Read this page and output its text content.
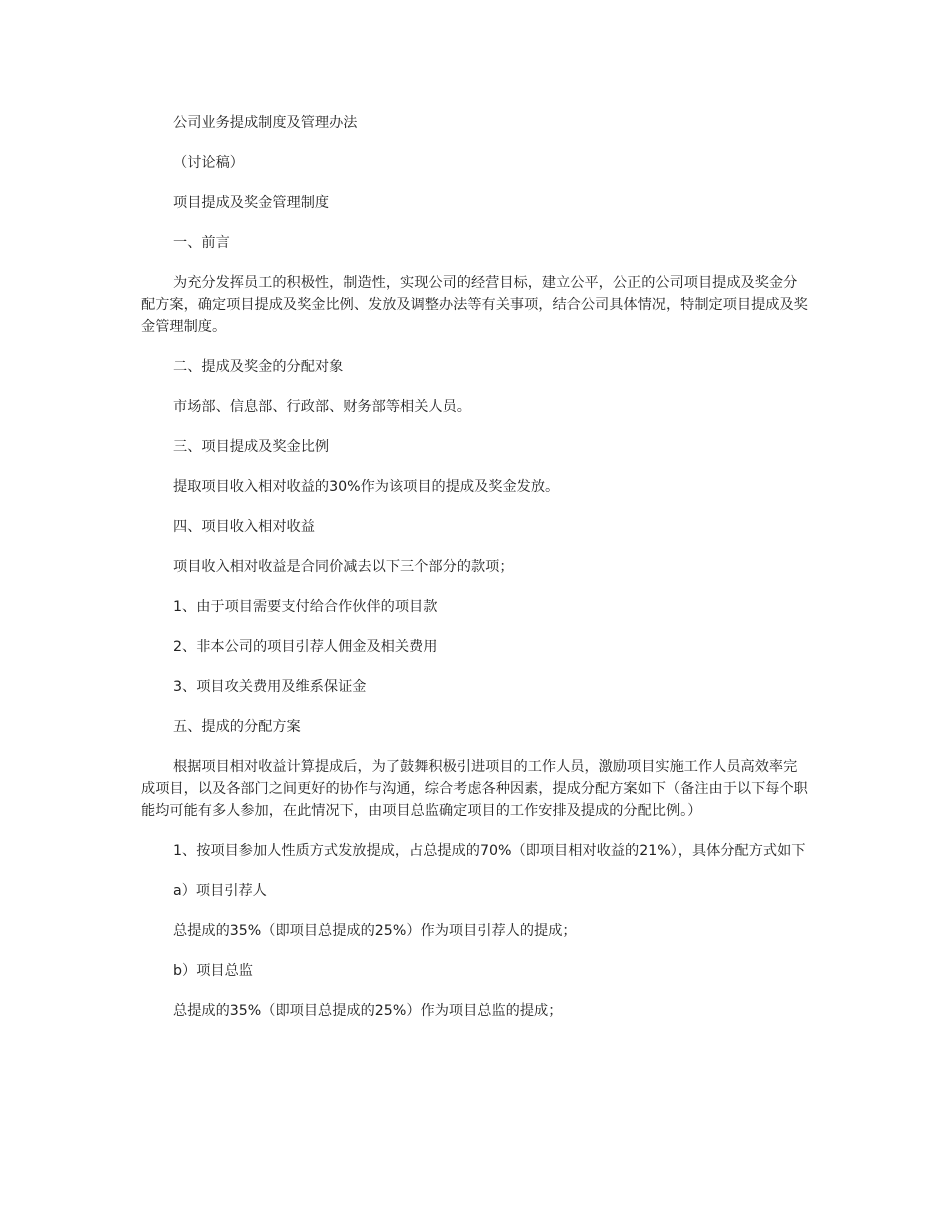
公司业务提成制度及管理办法

（讨论稿）

项目提成及奖金管理制度

一、前言

为充分发挥员工的积极性，制造性，实现公司的经营目标，建立公平，公正的公司项目提成及奖金分配方案，确定项目提成及奖金比例、发放及调整办法等有关事项，结合公司具体情况，特制定项目提成及奖金管理制度。

二、提成及奖金的分配对象

市场部、信息部、行政部、财务部等相关人员。

三、项目提成及奖金比例

提取项目收入相对收益的30%作为该项目的提成及奖金发放。

四、项目收入相对收益

项目收入相对收益是合同价减去以下三个部分的款项；

1、由于项目需要支付给合作伙伴的项目款

2、非本公司的项目引荐人佣金及相关费用

3、项目攻关费用及维系保证金

五、提成的分配方案

根据项目相对收益计算提成后，为了鼓舞积极引进项目的工作人员，激励项目实施工作人员高效率完成项目，以及各部门之间更好的协作与沟通，综合考虑各种因素，提成分配方案如下（备注由于以下每个职能均可能有多人参加，在此情况下，由项目总监确定项目的工作安排及提成的分配比例。）

1、按项目参加人性质方式发放提成，占总提成的70%（即项目相对收益的21%），具体分配方式如下

a）项目引荐人

总提成的35%（即项目总提成的25%）作为项目引荐人的提成；

b）项目总监

总提成的35%（即项目总提成的25%）作为项目总监的提成；
